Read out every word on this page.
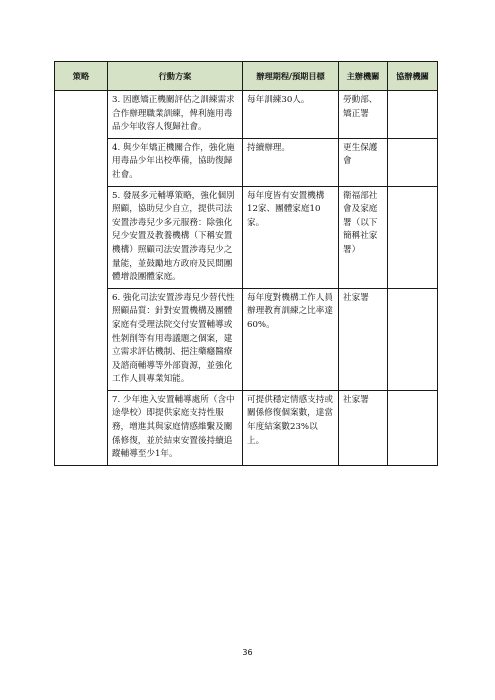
策略	行動方案	辦理期程/預期目標	主辦機關	協辦機關
	3. 因應矯正機關評估之訓練需求合作辦理職業訓練，俾利施用毒品少年收容人復歸社會。	每年訓練30人。	勞動部、矯正署	
	4. 與少年矯正機關合作，強化施用毒品少年出校準備，協助復歸社會。	持續辦理。	更生保護會	
	5. 發展多元輔導策略，強化個別照顧，協助兒少自立，提供司法安置涉毒兒少多元服務：除強化兒少安置及教養機構（下稱安置機構）照顧司法安置涉毒兒少之量能，並鼓勵地方政府及民間團體增設團體家庭。	每年度皆有安置機構12家、團體家庭10家。	衛福部社會及家庭署（以下簡稱社家署）	
	6. 強化司法安置涉毒兒少替代性照顧品質：針對安置機構及團體家庭有受理法院交付安置輔導或性剝削等有用毒議題之個案，建立需求評估機制、挹注藥癮醫療及諮商輔導等外部資源，並強化工作人員專業知能。	每年度對機構工作人員辦理教育訓練之比率達60%。	社家署	
	7. 少年進入安置輔導處所（含中途學校）即提供家庭支持性服務，增進其與家庭情感維繫及關係修復，並於結束安置後持續追蹤輔導至少1年。	可提供穩定情感支持或關係修復個案數，達當年度結案數23%以上。	社家署	
36
